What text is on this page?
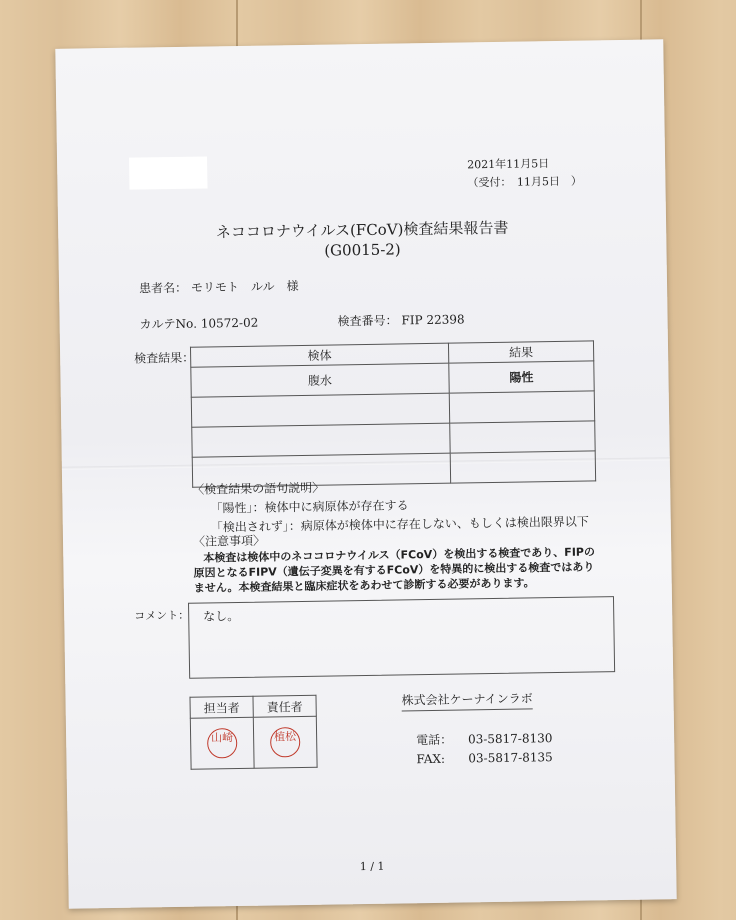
2021年11月5日
（受付：　11月5日　）
ネココロナウイルス(FCoV)検査結果報告書
(G0015-2)
患者名： モリモト　ルル　様
カルテNo. 10572-02	検査番号： FIP 22398
検査結果：	検体	結果
腹水	陽性

〈検査結果の語句説明〉
「陽性」：検体中に病原体が存在する
「検出されず」：病原体が検体中に存在しない、もしくは検出限界以下
〈注意事項〉
本検査は検体中のネココロナウイルス（FCoV）を検出する検査であり、FIPの原因となるFIPV（遺伝子変異を有するFCoV）を特異的に検出する検査ではありません。本検査結果と臨床症状をあわせて診断する必要があります。
コメント： なし。
担当者	責任者
山崎	植松
株式会社ケーナインラボ
電話： 03-5817-8130
FAX: 03-5817-8135
1 / 1
